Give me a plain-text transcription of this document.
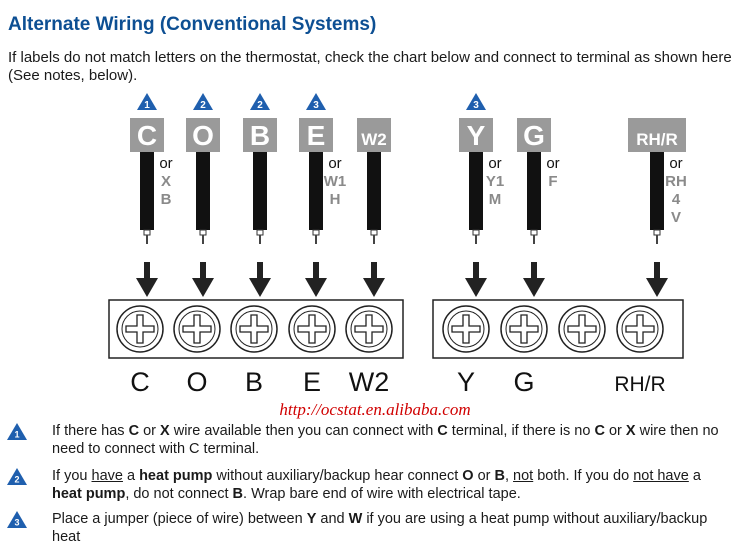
Alternate Wiring (Conventional Systems)
If labels do not match letters on the thermostat, check the chart below and connect to terminal as shown here (See notes, below).
C
1
or
X
B
O
2
B
2
E
3
or
W1
H
W2	Y
3
or
Y1
M
G
or
F
RH/R
or
RH
4
V
C O B E W2	Y G	RH/R
http://ocstat.en.alibaba.com
1 If there has C or X wire available then you can connect with C terminal, if there is no C or X wire then no need to connect with C terminal.
2 If you have a heat pump without auxiliary/backup hear connect O or B, not both. If you do not have a heat pump, do not connect B. Wrap bare end of wire with electrical tape.
3 Place a jumper (piece of wire) between Y and W if you are using a heat pump without auxiliary/backup heat
